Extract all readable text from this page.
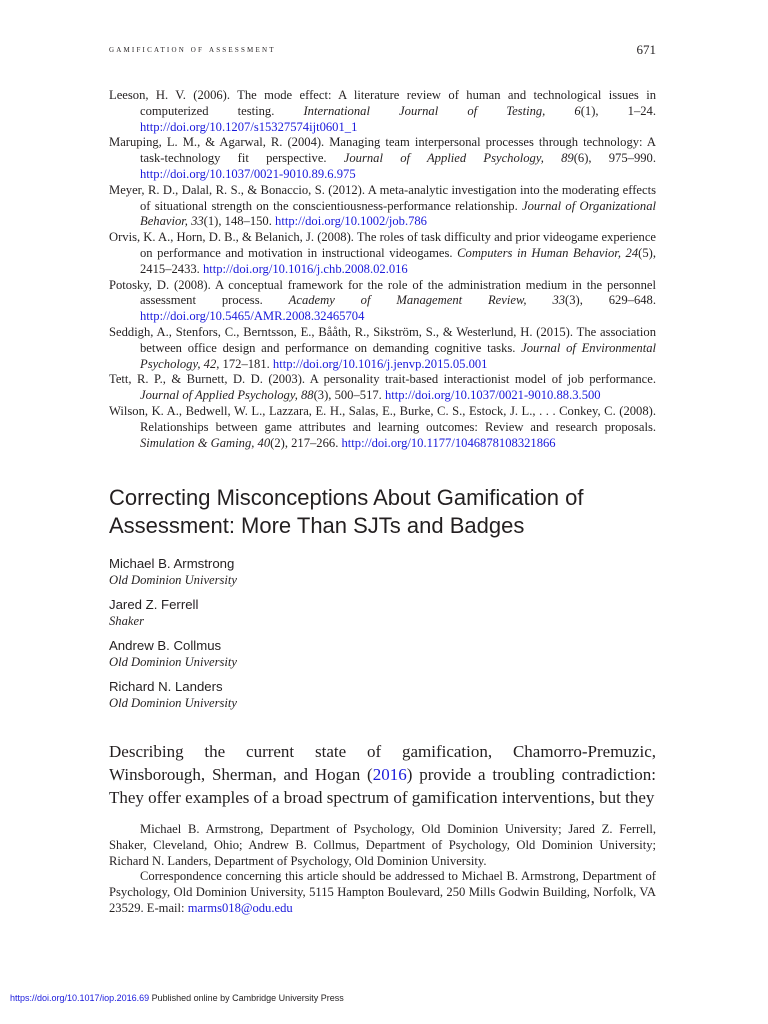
gamification of assessment	671

Leeson, H. V. (2006). The mode effect: A literature review of human and technological issues in computerized testing. International Journal of Testing, 6(1), 1–24. http://doi.org/10.1207/s15327574ijt0601_1

Maruping, L. M., & Agarwal, R. (2004). Managing team interpersonal processes through technology: A task-technology fit perspective. Journal of Applied Psychology, 89(6), 975–990. http://doi.org/10.1037/0021-9010.89.6.975

Meyer, R. D., Dalal, R. S., & Bonaccio, S. (2012). A meta-analytic investigation into the moderating effects of situational strength on the conscientiousness-performance relationship. Journal of Organizational Behavior, 33(1), 148–150. http://doi.org/10.1002/job.786

Orvis, K. A., Horn, D. B., & Belanich, J. (2008). The roles of task difficulty and prior videogame experience on performance and motivation in instructional videogames. Computers in Human Behavior, 24(5), 2415–2433. http://doi.org/10.1016/j.chb.2008.02.016

Potosky, D. (2008). A conceptual framework for the role of the administration medium in the personnel assessment process. Academy of Management Review, 33(3), 629–648. http://doi.org/10.5465/AMR.2008.32465704

Seddigh, A., Stenfors, C., Berntsson, E., Bååth, R., Sikström, S., & Westerlund, H. (2015). The association between office design and performance on demanding cognitive tasks. Journal of Environmental Psychology, 42, 172–181. http://doi.org/10.1016/j.jenvp.2015.05.001

Tett, R. P., & Burnett, D. D. (2003). A personality trait-based interactionist model of job performance. Journal of Applied Psychology, 88(3), 500–517. http://doi.org/10.1037/0021-9010.88.3.500

Wilson, K. A., Bedwell, W. L., Lazzara, E. H., Salas, E., Burke, C. S., Estock, J. L., . . . Conkey, C. (2008). Relationships between game attributes and learning outcomes: Review and research proposals. Simulation & Gaming, 40(2), 217–266. http://doi.org/10.1177/1046878108321866

Correcting Misconceptions About Gamification of Assessment: More Than SJTs and Badges
Michael B. Armstrong
Old Dominion University
Jared Z. Ferrell
Shaker
Andrew B. Collmus
Old Dominion University
Richard N. Landers
Old Dominion University

Describing the current state of gamification, Chamorro-Premuzic, Winsborough, Sherman, and Hogan (2016) provide a troubling contradiction: They offer examples of a broad spectrum of gamification interventions, but they

Michael B. Armstrong, Department of Psychology, Old Dominion University; Jared Z. Ferrell, Shaker, Cleveland, Ohio; Andrew B. Collmus, Department of Psychology, Old Dominion University; Richard N. Landers, Department of Psychology, Old Dominion University.

Correspondence concerning this article should be addressed to Michael B. Armstrong, Department of Psychology, Old Dominion University, 5115 Hampton Boulevard, 250 Mills Godwin Building, Norfolk, VA 23529. E-mail: marms018@odu.edu

https://doi.org/10.1017/iop.2016.69 Published online by Cambridge University Press
